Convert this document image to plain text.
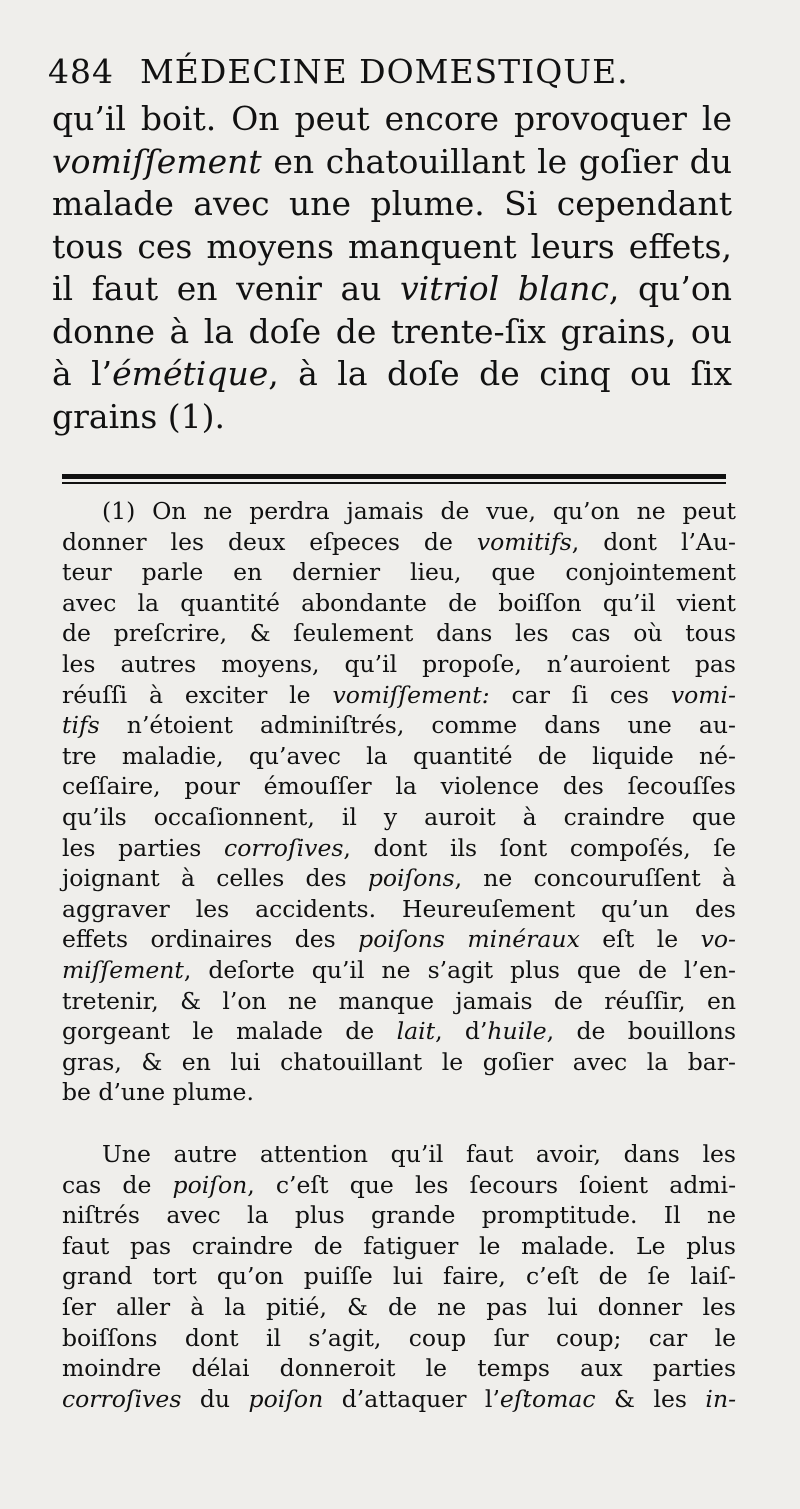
484 MÉDECINE DOMESTIQUE.
qu’il boit. On peut encore provoquer le
vomiſſement en chatouillant le goſier du
malade avec une plume. Si cependant
tous ces moyens manquent leurs effets,
il faut en venir au vitriol blanc, qu’on
donne à la doſe de trente-ſix grains, ou
à l’émétique, à la doſe de cinq ou ſix
grains (1).
(1) On ne perdra jamais de vue, qu’on ne peut
donner les deux eſpeces de vomitifs, dont l’Au-
teur parle en dernier lieu, que conjointement
avec la quantité abondante de boiſſon qu’il vient
de preſcrire, & ſeulement dans les cas où tous
les autres moyens, qu’il propoſe, n’auroient pas
réuſſi à exciter le vomiſſement: car ſi ces vomi-
tifs n’étoient adminiſtrés, comme dans une au-
tre maladie, qu’avec la quantité de liquide né-
ceſſaire, pour émouſſer la violence des ſecouſſes
qu’ils occaſionnent, il y auroit à craindre que
les parties corroſives, dont ils ſont compoſés, ſe
joignant à celles des poiſons, ne concouruſſent à
aggraver les accidents. Heureuſement qu’un des
effets ordinaires des poiſons minéraux eſt le vo-
miſſement, deſorte qu’il ne s’agit plus que de l’en-
tretenir, & l’on ne manque jamais de réuſſir, en
gorgeant le malade de lait, d’huile, de bouillons
gras, & en lui chatouillant le goſier avec la bar-
be d’une plume.
Une autre attention qu’il faut avoir, dans les
cas de poiſon, c’eſt que les ſecours ſoient admi-
niſtrés avec la plus grande promptitude. Il ne
faut pas craindre de fatiguer le malade. Le plus
grand tort qu’on puiſſe lui faire, c’eſt de ſe laiſ-
ſer aller à la pitié, & de ne pas lui donner les
boiſſons dont il s’agit, coup ſur coup; car le
moindre délai donneroit le temps aux parties
corroſives du poiſon d’attaquer l’eſtomac & les in-
